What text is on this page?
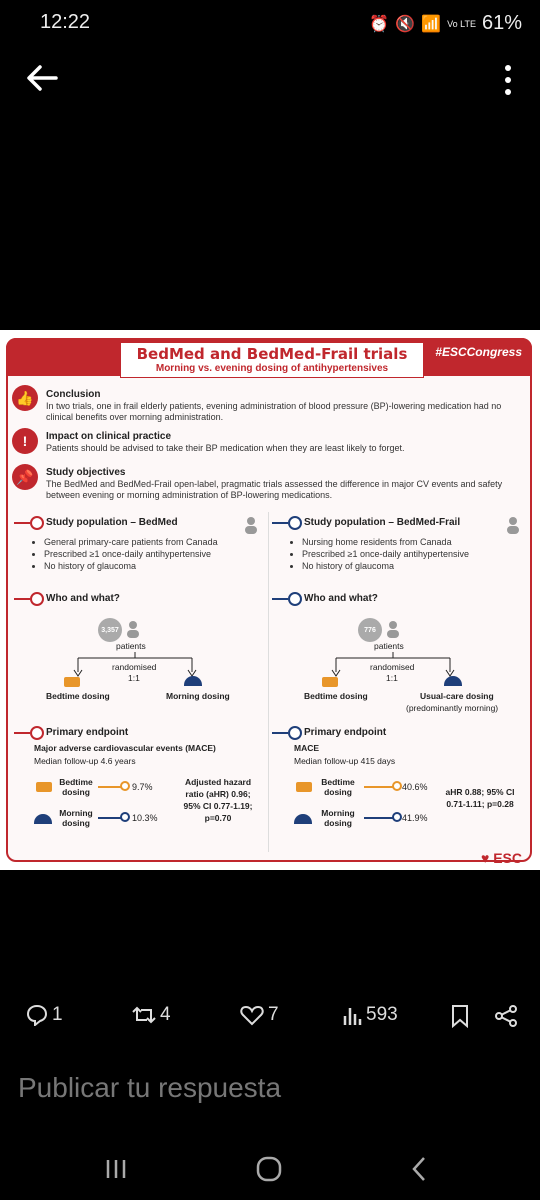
12:22	⏰ 🔇 📶 Vo LTE 61%
BedMed and BedMed-Frail trials
Morning vs. evening dosing of antihypertensives
#ESCCongress
👍	Conclusion
In two trials, one in frail elderly patients, evening administration of blood pressure (BP)-lowering medication had no clinical benefits over morning administration.
!	Impact on clinical practice
Patients should be advised to take their BP medication when they are least likely to forget.
📌	Study objectives
The BedMed and BedMed-Frail open-label, pragmatic trials assessed the difference in major CV events and safety between evening or morning administration of BP-lowering medications.
Study population – BedMed
• General primary-care patients from Canada
• Prescribed ≥1 once-daily antihypertensive
• No history of glaucoma
Who and what?
3,357
patients
randomised
1:1
Bedtime dosing	Morning dosing
Primary endpoint
Major adverse cardiovascular events (MACE)
Median follow-up 4.6 years
Bedtime dosing	9.7%
Morning dosing	10.3%
Adjusted hazard ratio (aHR) 0.96; 95% CI 0.77-1.19; p=0.70
Study population – BedMed-Frail
• Nursing home residents from Canada
• Prescribed ≥1 once-daily antihypertensive
• No history of glaucoma
Who and what?
776
patients
randomised
1:1
Bedtime dosing	Usual-care dosing
(predominantly morning)
Primary endpoint
MACE
Median follow-up 415 days
Bedtime dosing	40.6%
Morning dosing	41.9%
aHR 0.88; 95% CI 0.71-1.11; p=0.28
♥ ESC
1	4	7	593
Publicar tu respuesta
